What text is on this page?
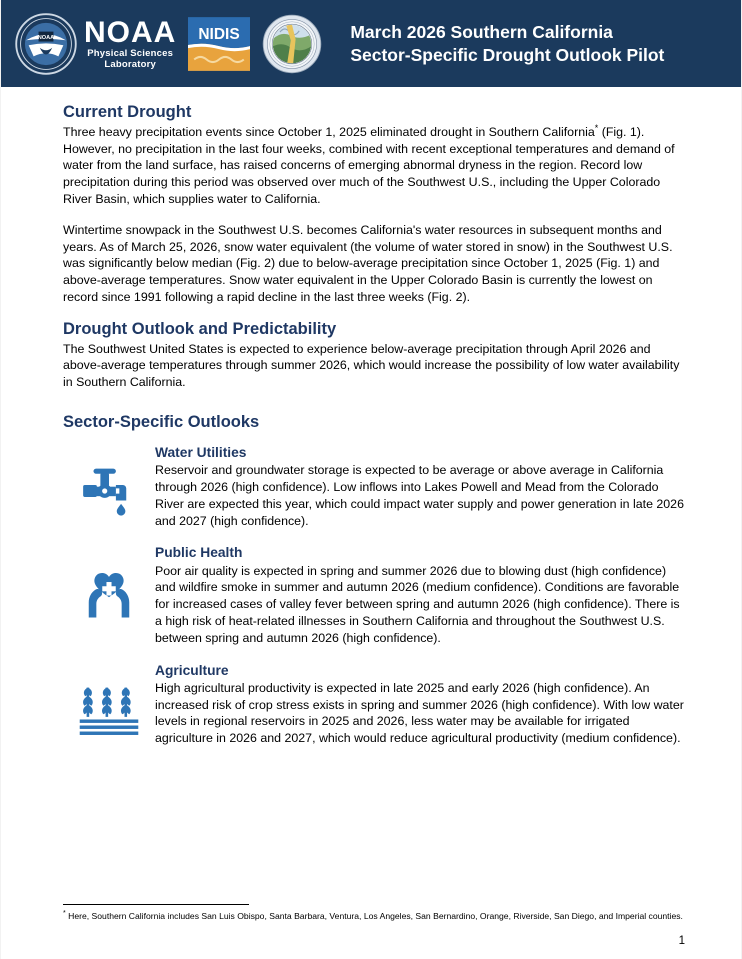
NOAA NOAA
Physical Sciences
Laboratory
NIDIS	March 2026 Southern California
Sector-Specific Drought Outlook Pilot
Current Drought

Three heavy precipitation events since October 1, 2025 eliminated drought in Southern California* (Fig. 1). However, no precipitation in the last four weeks, combined with recent exceptional temperatures and demand of water from the land surface, has raised concerns of emerging abnormal dryness in the region. Record low precipitation during this period was observed over much of the Southwest U.S., including the Upper Colorado River Basin, which supplies water to California.

Wintertime snowpack in the Southwest U.S. becomes California's water resources in subsequent months and years. As of March 25, 2026, snow water equivalent (the volume of water stored in snow) in the Southwest U.S. was significantly below median (Fig. 2) due to below-average precipitation since October 1, 2025 (Fig. 1) and above-average temperatures. Snow water equivalent in the Upper Colorado Basin is currently the lowest on record since 1991 following a rapid decline in the last three weeks (Fig. 2).

Drought Outlook and Predictability

The Southwest United States is expected to experience below-average precipitation through April 2026 and above-average temperatures through summer 2026, which would increase the possibility of low water availability in Southern California.

Sector-Specific Outlooks
Water Utilities

Reservoir and groundwater storage is expected to be average or above average in California through 2026 (high confidence). Low inflows into Lakes Powell and Mead from the Colorado River are expected this year, which could impact water supply and power generation in late 2026 and 2027 (high confidence).

Public Health

Poor air quality is expected in spring and summer 2026 due to blowing dust (high confidence) and wildfire smoke in summer and autumn 2026 (medium confidence). Conditions are favorable for increased cases of valley fever between spring and autumn 2026 (high confidence). There is a high risk of heat-related illnesses in Southern California and throughout the Southwest U.S. between spring and autumn 2026 (high confidence).

Agriculture

High agricultural productivity is expected in late 2025 and early 2026 (high confidence). An increased risk of crop stress exists in spring and summer 2026 (high confidence). With low water levels in regional reservoirs in 2025 and 2026, less water may be available for irrigated agriculture in 2026 and 2027, which would reduce agricultural productivity (medium confidence).

* Here, Southern California includes San Luis Obispo, Santa Barbara, Ventura, Los Angeles, San Bernardino, Orange, Riverside, San Diego, and Imperial counties.

1
